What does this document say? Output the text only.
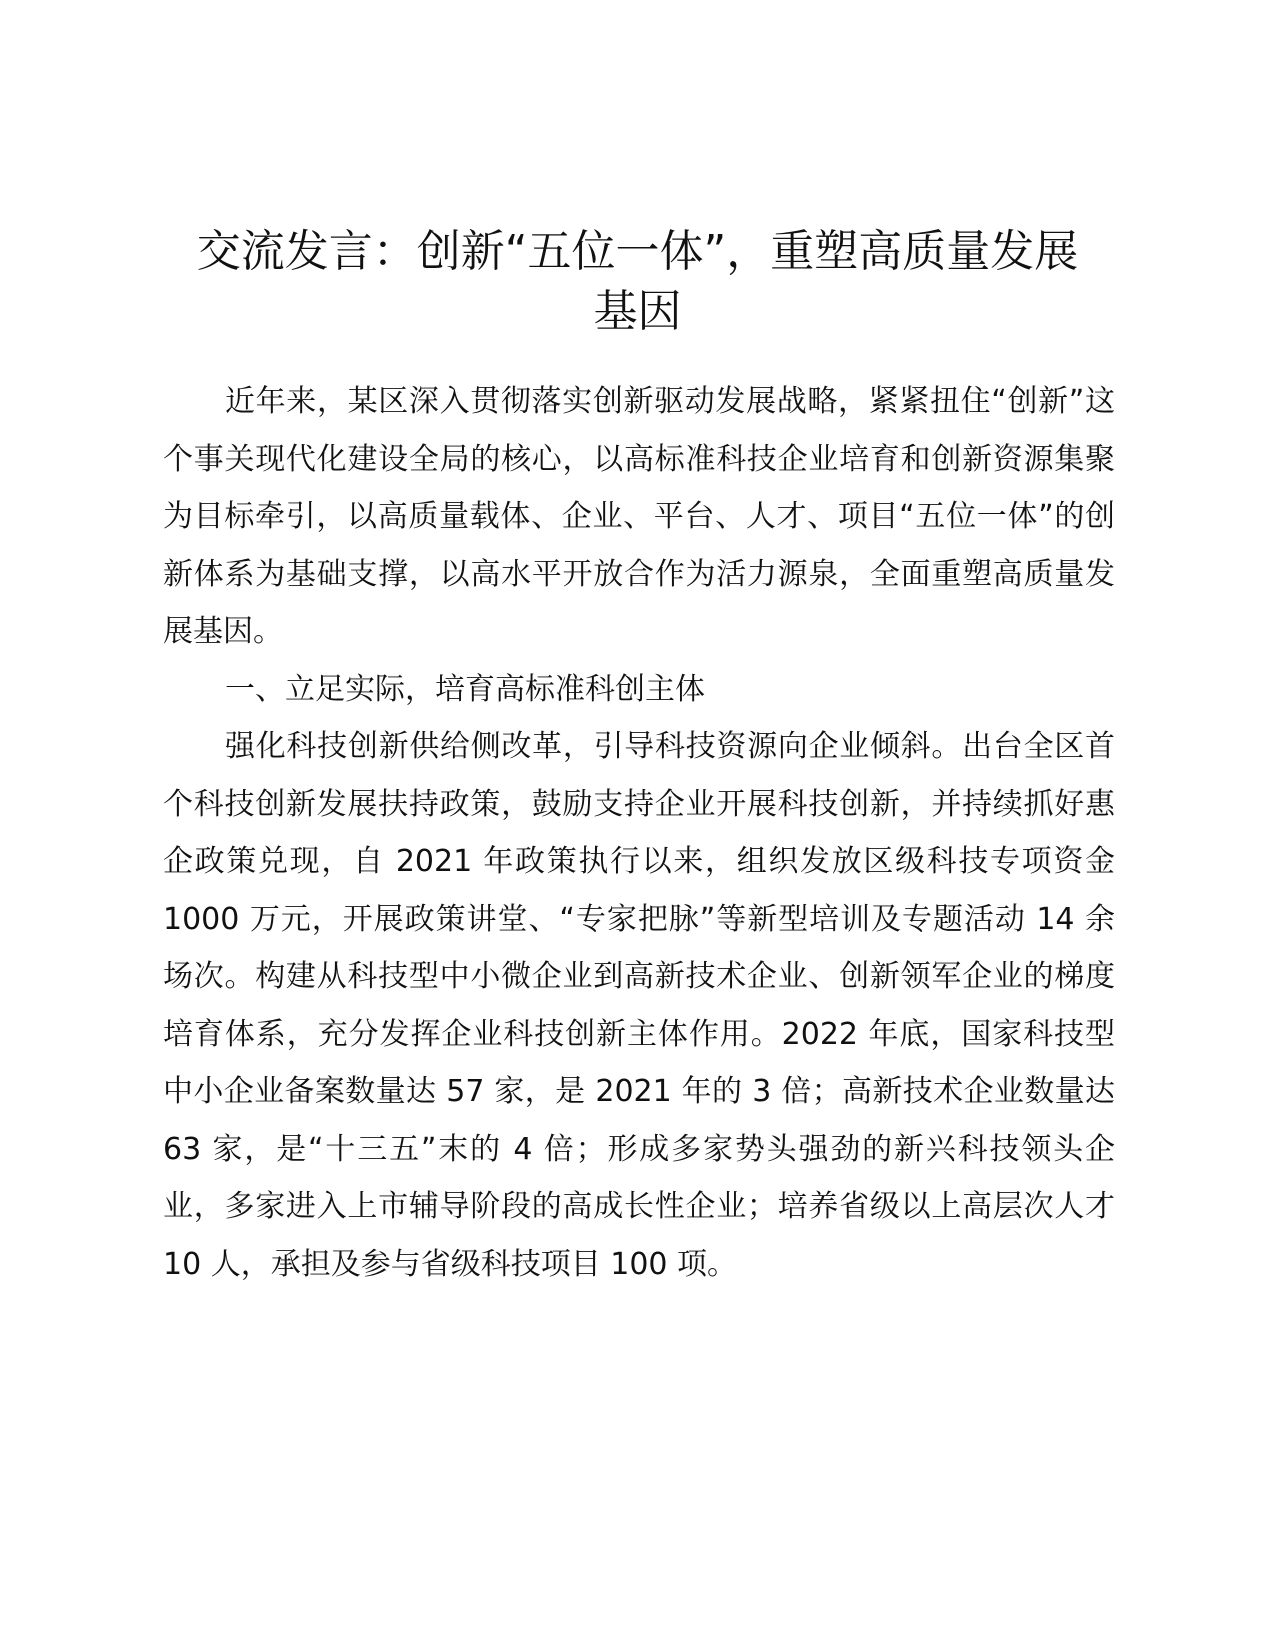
交流发言：创新“五位一体”，重塑高质量发展
基因

近年来，某区深入贯彻落实创新驱动发展战略，紧紧扭住“创新”这个事关现代化建设全局的核心，以高标准科技企业培育和创新资源集聚为目标牵引，以高质量载体、企业、平台、人才、项目“五位一体”的创新体系为基础支撑，以高水平开放合作为活力源泉，全面重塑高质量发展基因。

一、立足实际，培育高标准科创主体

强化科技创新供给侧改革，引导科技资源向企业倾斜。出台全区首个科技创新发展扶持政策，鼓励支持企业开展科技创新，并持续抓好惠企政策兑现，自 2021 年政策执行以来，组织发放区级科技专项资金 1000 万元，开展政策讲堂、“专家把脉”等新型培训及专题活动 14 余场次。构建从科技型中小微企业到高新技术企业、创新领军企业的梯度培育体系，充分发挥企业科技创新主体作用。2022 年底，国家科技型中小企业备案数量达 57 家，是 2021 年的 3 倍；高新技术企业数量达 63 家，是“十三五”末的 4 倍；形成多家势头强劲的新兴科技领头企业，多家进入上市辅导阶段的高成长性企业；培养省级以上高层次人才 10 人，承担及参与省级科技项目 100 项。
